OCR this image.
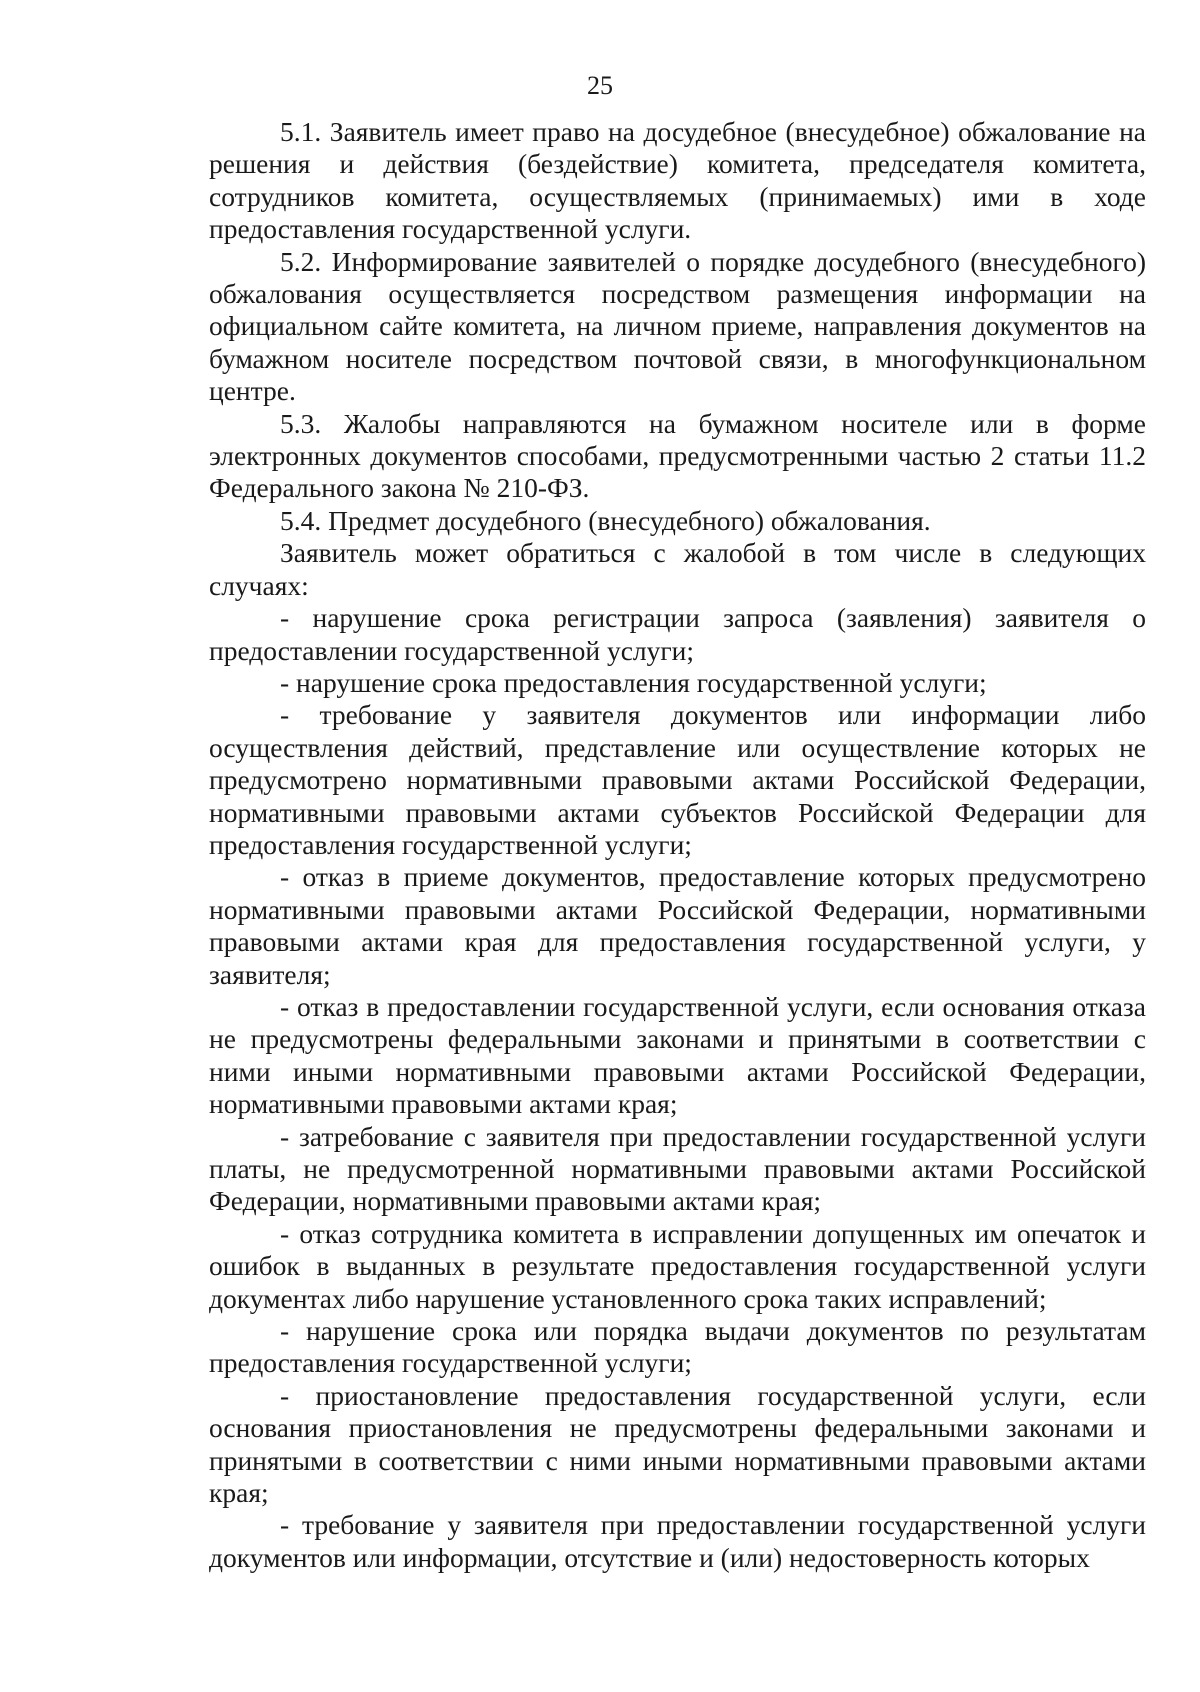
25

5.1. Заявитель имеет право на досудебное (внесудебное) обжалование на решения и действия (бездействие) комитета, председателя комитета, сотрудников комитета, осуществляемых (принимаемых) ими в ходе предоставления государственной услуги.

5.2. Информирование заявителей о порядке досудебного (внесудебного) обжалования осуществляется посредством размещения информации на официальном сайте комитета, на личном приеме, направления документов на бумажном носителе посредством почтовой связи, в многофункциональном центре.

5.3. Жалобы направляются на бумажном носителе или в форме электронных документов способами, предусмотренными частью 2 статьи 11.2 Федерального закона № 210-ФЗ.

5.4. Предмет досудебного (внесудебного) обжалования.

Заявитель может обратиться с жалобой в том числе в следующих случаях:

- нарушение срока регистрации запроса (заявления) заявителя о предоставлении государственной услуги;

- нарушение срока предоставления государственной услуги;

- требование у заявителя документов или информации либо осуществления действий, представление или осуществление которых не предусмотрено нормативными правовыми актами Российской Федерации, нормативными правовыми актами субъектов Российской Федерации для предоставления государственной услуги;

- отказ в приеме документов, предоставление которых предусмотрено нормативными правовыми актами Российской Федерации, нормативными правовыми актами края для предоставления государственной услуги, у заявителя;

- отказ в предоставлении государственной услуги, если основания отказа не предусмотрены федеральными законами и принятыми в соответствии с ними иными нормативными правовыми актами Российской Федерации, нормативными правовыми актами края;

- затребование с заявителя при предоставлении государственной услуги платы, не предусмотренной нормативными правовыми актами Российской Федерации, нормативными правовыми актами края;

- отказ сотрудника комитета в исправлении допущенных им опечаток и ошибок в выданных в результате предоставления государственной услуги документах либо нарушение установленного срока таких исправлений;

- нарушение срока или порядка выдачи документов по результатам предоставления государственной услуги;

- приостановление предоставления государственной услуги, если основания приостановления не предусмотрены федеральными законами и принятыми в соответствии с ними иными нормативными правовыми актами края;

- требование у заявителя при предоставлении государственной услуги документов или информации, отсутствие и (или) недостоверность которых
